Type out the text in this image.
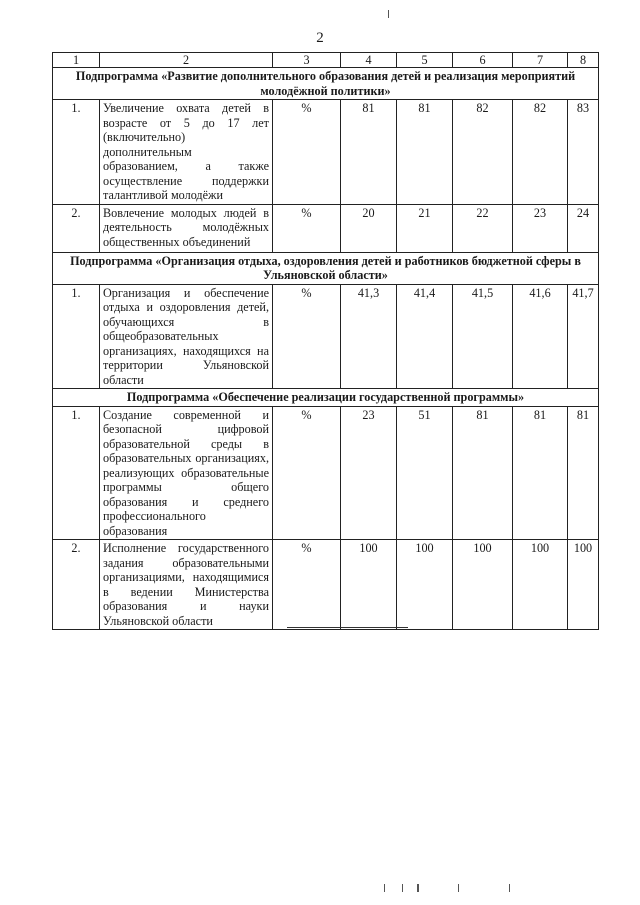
2
1	2	3	4	5	6	7	8
Подпрограмма «Развитие дополнительного образования детей и реализация мероприятий молодёжной политики»							
1.	Увеличение охвата детей в возрасте от 5 до 17 лет (включительно) дополнительным образованием, а также осуществление поддержки талантливой молодёжи	%	81	81	82	82	83
2.	Вовлечение молодых людей в деятельность молодёжных общественных объединений	%	20	21	22	23	24
Подпрограмма «Организация отдыха, оздоровления детей и работников бюджетной сферы в Ульяновской области»							
1.	Организация и обеспечение отдыха и оздоровления детей, обучающихся в общеобразовательных организациях, находящихся на территории Ульяновской области	%	41,3	41,4	41,5	41,6	41,7
Подпрограмма «Обеспечение реализации государственной программы»							
1.	Создание современной и безопасной цифровой образовательной среды в образовательных организациях, реализующих образовательные программы общего образования и среднего профессионального образования	%	23	51	81	81	81
2.	Исполнение государственного задания образовательными организациями, находящимися в ведении Министерства образования и науки Ульяновской области	%	100	100	100	100	100
